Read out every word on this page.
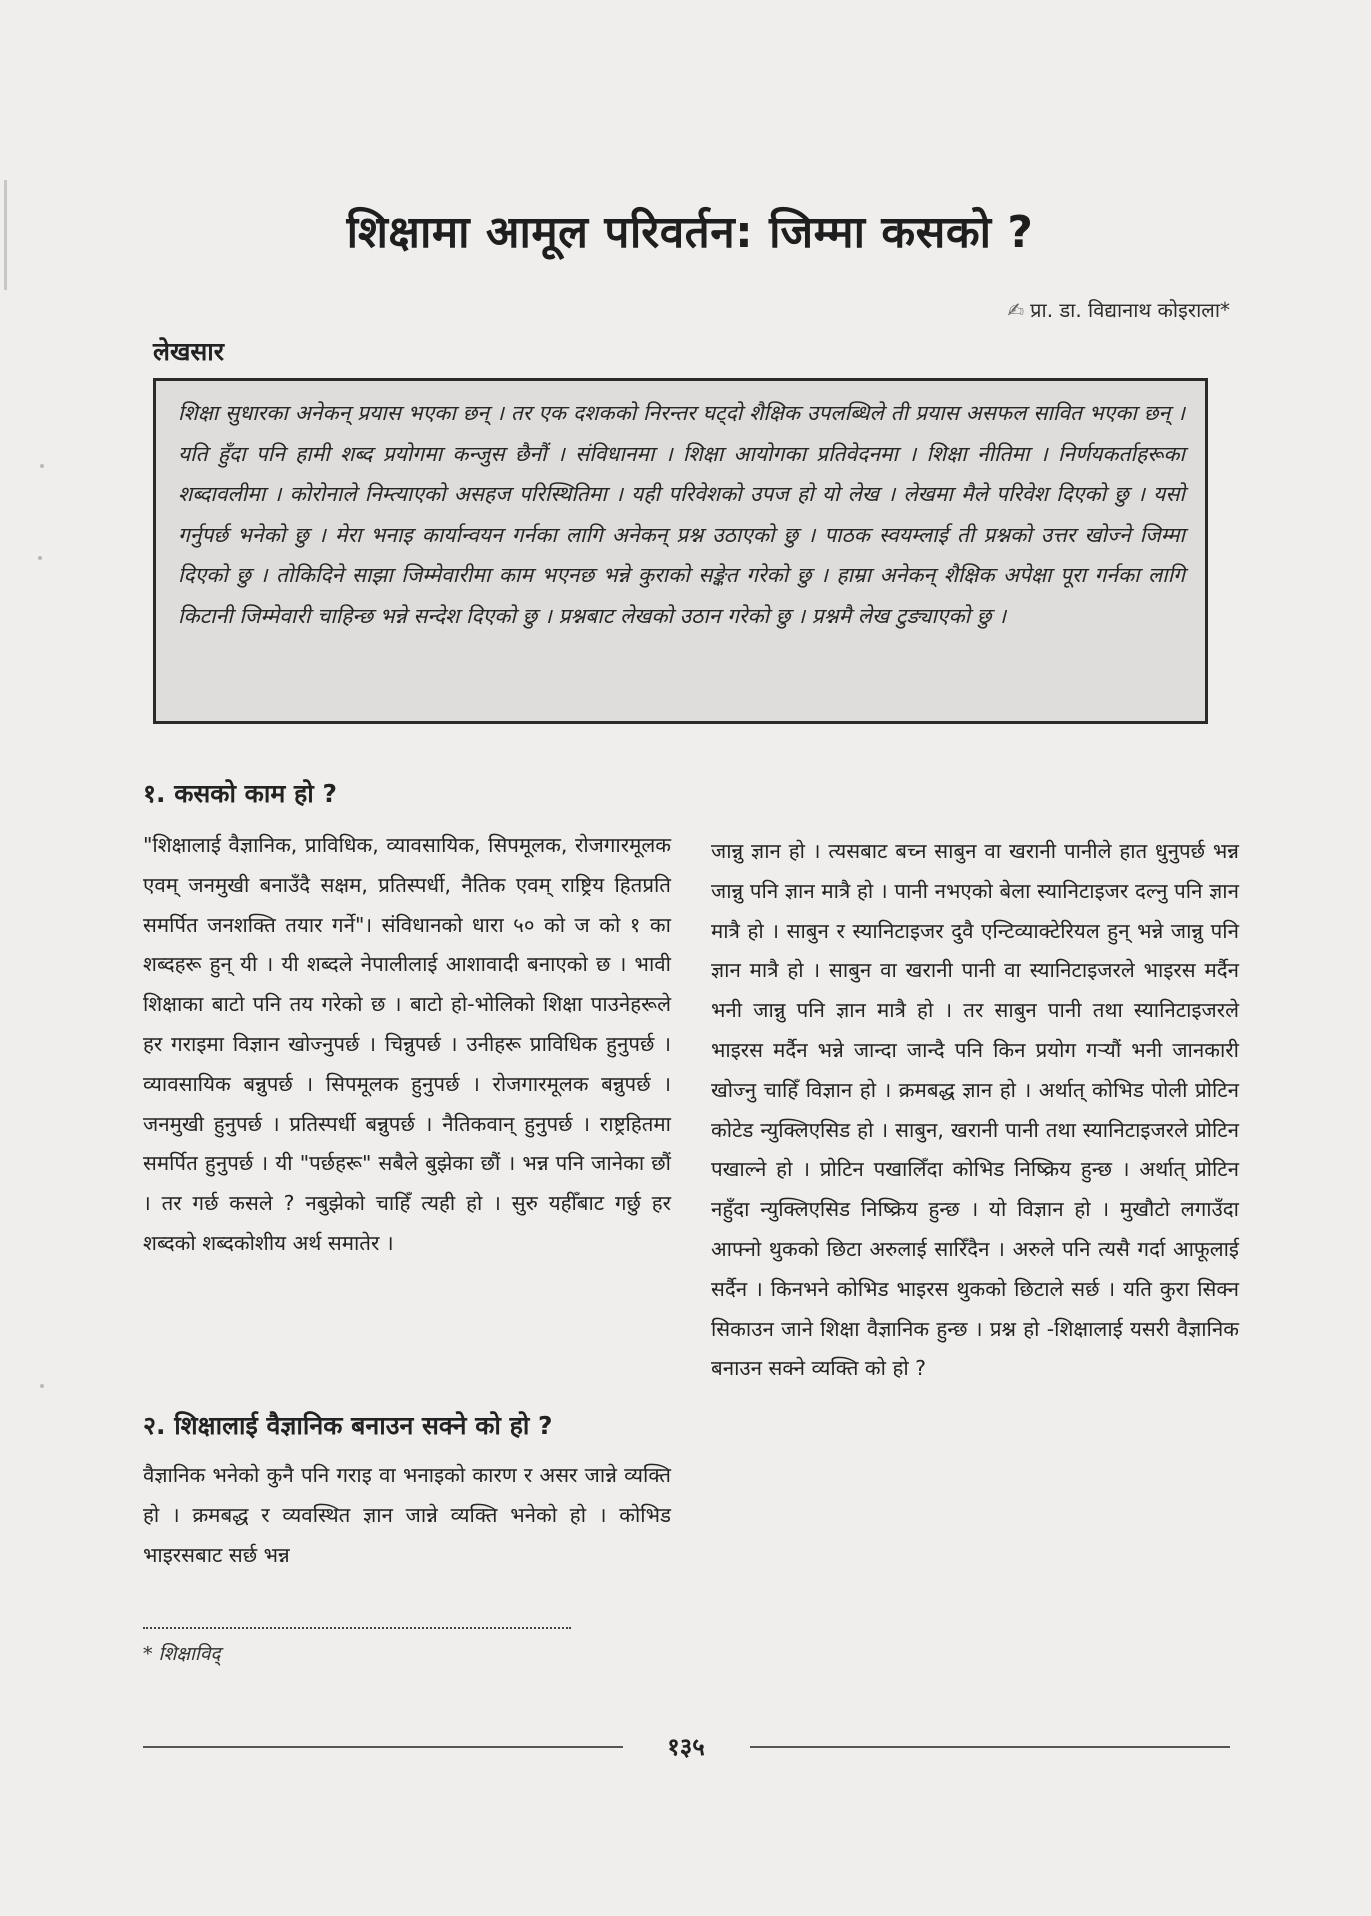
शिक्षामा आमूल परिवर्तन: जिम्मा कसको ?
✍ प्रा. डा. विद्यानाथ कोइराला*
लेखसार
शिक्षा सुधारका अनेकन् प्रयास भएका छन् । तर एक दशकको निरन्तर घट्दो शैक्षिक उपलब्धिले ती प्रयास असफल सावित भएका छन् । यति हुँदा पनि हामी शब्द प्रयोगमा कन्जुस छैनौं । संविधानमा । शिक्षा आयोगका प्रतिवेदनमा । शिक्षा नीतिमा । निर्णयकर्ताहरूका शब्दावलीमा । कोरोनाले निम्त्याएको असहज परिस्थितिमा । यही परिवेशको उपज हो यो लेख । लेखमा मैले परिवेश दिएको छु । यसो गर्नुपर्छ भनेको छु । मेरा भनाइ कार्यान्वयन गर्नका लागि अनेकन् प्रश्न उठाएको छु । पाठक स्वयम्लाई ती प्रश्नको उत्तर खोज्ने जिम्मा दिएको छु । तोकिदिने साझा जिम्मेवारीमा काम भएनछ भन्ने कुराको सङ्केत गरेको छु । हाम्रा अनेकन् शैक्षिक अपेक्षा पूरा गर्नका लागि किटानी जिम्मेवारी चाहिन्छ भन्ने सन्देश दिएको छु । प्रश्नबाट लेखको उठान गरेको छु । प्रश्नमै लेख टुङ्याएको छु ।
१. कसको काम हो ?
"शिक्षालाई वैज्ञानिक, प्राविधिक, व्यावसायिक, सिपमूलक, रोजगारमूलक एवम् जनमुखी बनाउँदै सक्षम, प्रतिस्पर्धी, नैतिक एवम् राष्ट्रिय हितप्रति समर्पित जनशक्ति तयार गर्ने"। संविधानको धारा ५० को ज को १ का शब्दहरू हुन् यी । यी शब्दले नेपालीलाई आशावादी बनाएको छ । भावी शिक्षाका बाटो पनि तय गरेको छ । बाटो हो-भोलिको शिक्षा पाउनेहरूले हर गराइमा विज्ञान खोज्नुपर्छ । चिन्नुपर्छ । उनीहरू प्राविधिक हुनुपर्छ । व्यावसायिक बन्नुपर्छ । सिपमूलक हुनुपर्छ । रोजगारमूलक बन्नुपर्छ । जनमुखी हुनुपर्छ । प्रतिस्पर्धी बन्नुपर्छ । नैतिकवान् हुनुपर्छ । राष्ट्रहितमा समर्पित हुनुपर्छ । यी "पर्छहरू" सबैले बुझेका छौं । भन्न पनि जानेका छौं । तर गर्छ कसले ? नबुझेको चाहिँ त्यही हो । सुरु यहीँबाट गर्छु हर शब्दको शब्दकोशीय अर्थ समातेर ।
२. शिक्षालाई वैज्ञानिक बनाउन सक्ने को हो ?
वैज्ञानिक भनेको कुनै पनि गराइ वा भनाइको कारण र असर जान्ने व्यक्ति हो । क्रमबद्ध र व्यवस्थित ज्ञान जान्ने व्यक्ति भनेको हो । कोभिड भाइरसबाट सर्छ भन्न
जान्नु ज्ञान हो । त्यसबाट बच्न साबुन वा खरानी पानीले हात धुनुपर्छ भन्न जान्नु पनि ज्ञान मात्रै हो । पानी नभएको बेला स्यानिटाइजर दल्नु पनि ज्ञान मात्रै हो । साबुन र स्यानिटाइजर दुवै एन्टिव्याक्टेरियल हुन् भन्ने जान्नु पनि ज्ञान मात्रै हो । साबुन वा खरानी पानी वा स्यानिटाइजरले भाइरस मर्दैन भनी जान्नु पनि ज्ञान मात्रै हो । तर साबुन पानी तथा स्यानिटाइजरले भाइरस मर्दैन भन्ने जान्दा जान्दै पनि किन प्रयोग गर्‍यौं भनी जानकारी खोज्नु चाहिँ विज्ञान हो । क्रमबद्ध ज्ञान हो । अर्थात् कोभिड पोली प्रोटिन कोटेड न्युक्लिएसिड हो । साबुन, खरानी पानी तथा स्यानिटाइजरले प्रोटिन पखाल्ने हो । प्रोटिन पखालिँदा कोभिड निष्क्रिय हुन्छ । अर्थात् प्रोटिन नहुँदा न्युक्लिएसिड निष्क्रिय हुन्छ । यो विज्ञान हो । मुखौटो लगाउँदा आफ्नो थुकको छिटा अरुलाई सारिँदैन । अरुले पनि त्यसै गर्दा आफूलाई सर्दैन । किनभने कोभिड भाइरस थुकको छिटाले सर्छ । यति कुरा सिक्न सिकाउन जाने शिक्षा वैज्ञानिक हुन्छ । प्रश्न हो -शिक्षालाई यसरी वैज्ञानिक बनाउन सक्ने व्यक्ति को हो ?
* शिक्षाविद्
१३५
